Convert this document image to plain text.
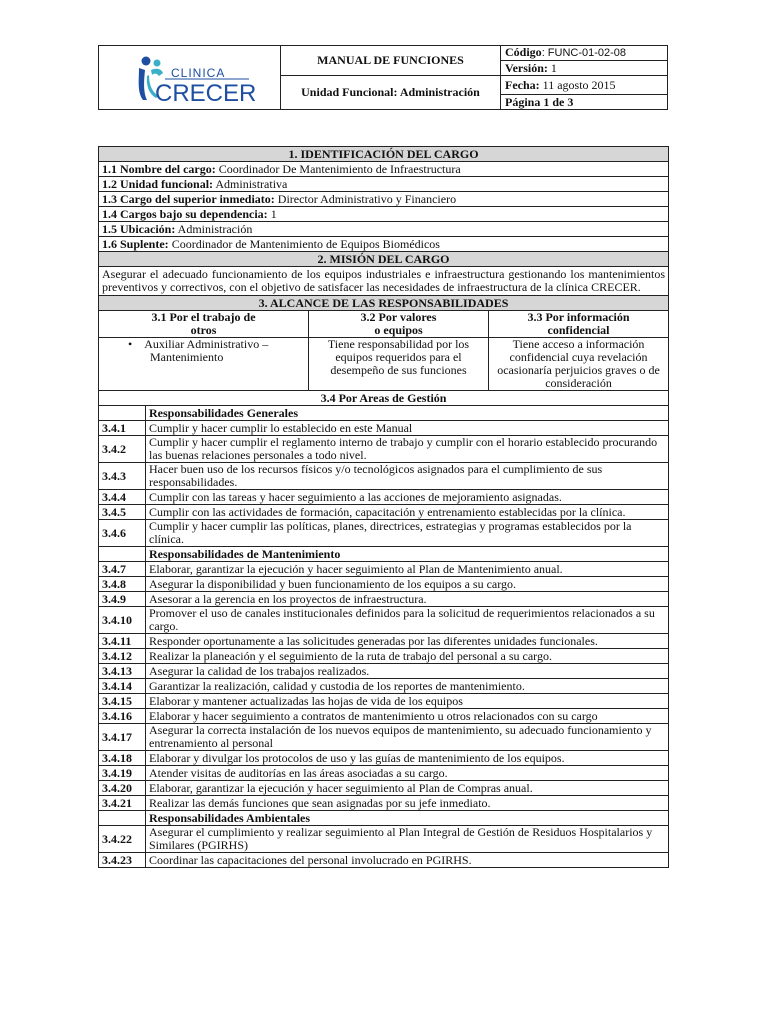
CLINICA
CRECER	MANUAL DE FUNCIONES	Código: FUNC-01-02-08
		Versión: 1
	Unidad Funcional: Administración	Fecha: 11 agosto 2015
		Página 1 de 3
1. IDENTIFICACIÓN DEL CARGO			
1.1 Nombre del cargo: Coordinador De Mantenimiento de Infraestructura			
1.2 Unidad funcional: Administrativa			
1.3 Cargo del superior inmediato: Director Administrativo y Financiero			
1.4 Cargos bajo su dependencia: 1			
1.5 Ubicación: Administración			
1.6 Suplente: Coordinador de Mantenimiento de Equipos Biomédicos			
2. MISIÓN DEL CARGO			
Asegurar el adecuado funcionamiento de los equipos industriales e infraestructura gestionando los mantenimientos preventivos y correctivos, con el objetivo de satisfacer las necesidades de infraestructura de la clínica CRECER.			
3. ALCANCE DE LAS RESPONSABILIDADES			
3.1 Por el trabajo de otros		3.2 Por valores o equipos	3.3 Por información confidencial

•    Auxiliar Administrativo – Mantenimiento		Tiene responsabilidad por los equipos requeridos para el desempeño de sus funciones	Tiene acceso a información confidencial cuya revelación ocasionaría perjuicios graves o de consideración
3.4 Por Areas de Gestión			
	Responsabilidades Generales		
3.4.1	Cumplir y hacer cumplir lo establecido en este Manual		
3.4.2	Cumplir y hacer cumplir el reglamento interno de trabajo y cumplir con el horario establecido procurando las buenas relaciones personales a todo nivel.		
3.4.3	Hacer buen uso de los recursos físicos y/o tecnológicos asignados para el cumplimiento de sus responsabilidades.		
3.4.4	Cumplir con las tareas y hacer seguimiento a las acciones de mejoramiento asignadas.		
3.4.5	Cumplir con las actividades de formación, capacitación y entrenamiento establecidas por la clínica.		
3.4.6	Cumplir y hacer cumplir las políticas, planes, directrices, estrategias y programas establecidos por la clínica.		
	Responsabilidades de Mantenimiento		
3.4.7	Elaborar, garantizar la ejecución y hacer seguimiento al Plan de Mantenimiento anual.		
3.4.8	Asegurar la disponibilidad y buen funcionamiento de los equipos a su cargo.		
3.4.9	Asesorar a la gerencia en los proyectos de infraestructura.		
3.4.10	Promover el uso de canales institucionales definidos para la solicitud de requerimientos relacionados a su cargo.		
3.4.11	Responder oportunamente a las solicitudes generadas por las diferentes unidades funcionales.		
3.4.12	Realizar la planeación y el seguimiento de la ruta de trabajo del personal a su cargo.		
3.4.13	Asegurar la calidad de los trabajos realizados.		
3.4.14	Garantizar la realización, calidad y custodia de los reportes de mantenimiento.		
3.4.15	Elaborar y mantener actualizadas las hojas de vida de los equipos		
3.4.16	Elaborar y hacer seguimiento a contratos de mantenimiento u otros relacionados con su cargo		
3.4.17	Asegurar la correcta instalación de los nuevos equipos de mantenimiento, su adecuado funcionamiento y entrenamiento al personal		
3.4.18	Elaborar y divulgar los protocolos de uso y las guías de mantenimiento de los equipos.		
3.4.19	Atender visitas de auditorías en las áreas asociadas a su cargo.		
3.4.20	Elaborar, garantizar la ejecución y hacer seguimiento al Plan de Compras anual.		
3.4.21	Realizar las demás funciones que sean asignadas por su jefe inmediato.		
	Responsabilidades Ambientales		
3.4.22	Asegurar el cumplimiento y realizar seguimiento al Plan Integral de Gestión de Residuos Hospitalarios y Similares (PGIRHS)		
3.4.23	Coordinar las capacitaciones del personal involucrado en PGIRHS.		
